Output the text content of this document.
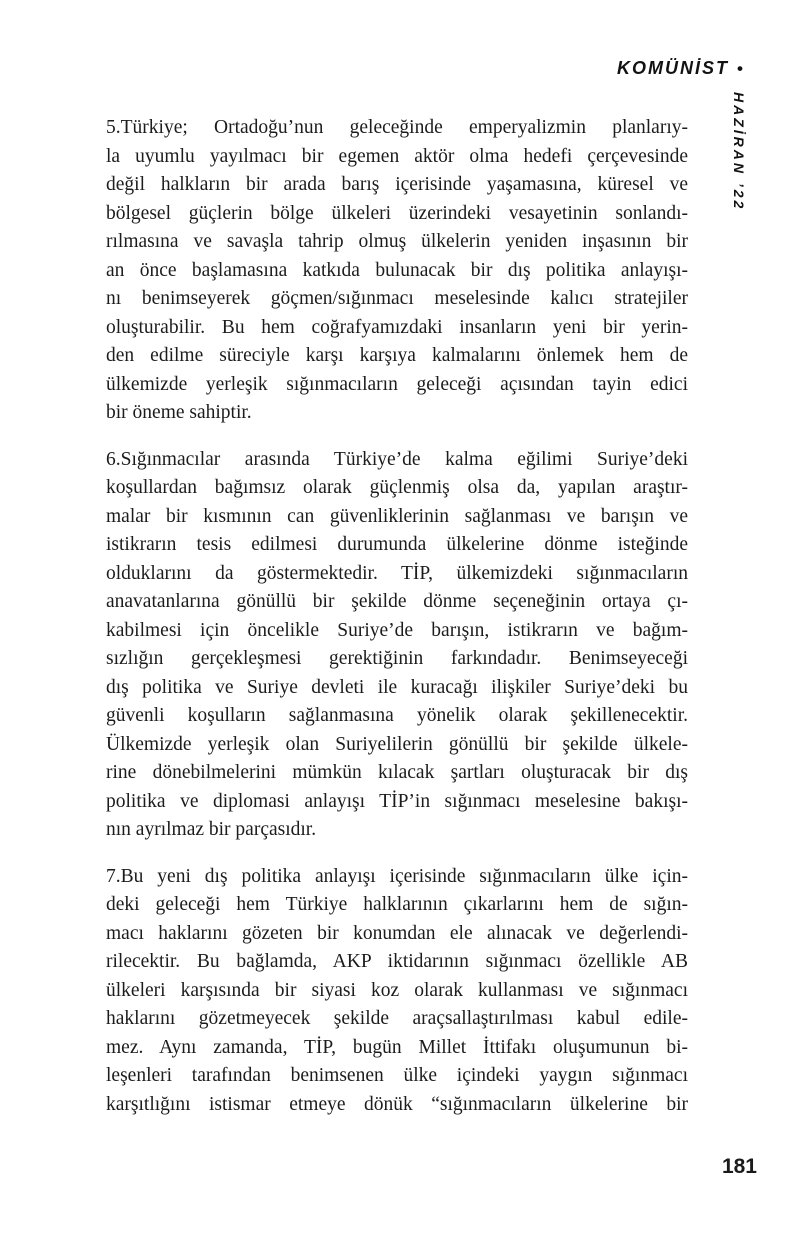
KOMÜNİST •
HAZİRAN ’22
5.Türkiye; Ortadoğu’nun geleceğinde emperyalizmin planlarıy-
la uyumlu yayılmacı bir egemen aktör olma hedefi çerçevesinde
değil halkların bir arada barış içerisinde yaşamasına, küresel ve
bölgesel güçlerin bölge ülkeleri üzerindeki vesayetinin sonlandı-
rılmasına ve savaşla tahrip olmuş ülkelerin yeniden inşasının bir
an önce başlamasına katkıda bulunacak bir dış politika anlayışı-
nı benimseyerek göçmen/sığınmacı meselesinde kalıcı stratejiler
oluşturabilir. Bu hem coğrafyamızdaki insanların yeni bir yerin-
den edilme süreciyle karşı karşıya kalmalarını önlemek hem de
ülkemizde yerleşik sığınmacıların geleceği açısından tayin edici
bir öneme sahiptir.
6.Sığınmacılar arasında Türkiye’de kalma eğilimi Suriye’deki
koşullardan bağımsız olarak güçlenmiş olsa da, yapılan araştır-
malar bir kısmının can güvenliklerinin sağlanması ve barışın ve
istikrarın tesis edilmesi durumunda ülkelerine dönme isteğinde
olduklarını da göstermektedir. TİP, ülkemizdeki sığınmacıların
anavatanlarına gönüllü bir şekilde dönme seçeneğinin ortaya çı-
kabilmesi için öncelikle Suriye’de barışın, istikrarın ve bağım-
sızlığın gerçekleşmesi gerektiğinin farkındadır. Benimseyeceği
dış politika ve Suriye devleti ile kuracağı ilişkiler Suriye’deki bu
güvenli koşulların sağlanmasına yönelik olarak şekillenecektir.
Ülkemizde yerleşik olan Suriyelilerin gönüllü bir şekilde ülkele-
rine dönebilmelerini mümkün kılacak şartları oluşturacak bir dış
politika ve diplomasi anlayışı TİP’in sığınmacı meselesine bakışı-
nın ayrılmaz bir parçasıdır.
7.Bu yeni dış politika anlayışı içerisinde sığınmacıların ülke için-
deki geleceği hem Türkiye halklarının çıkarlarını hem de sığın-
macı haklarını gözeten bir konumdan ele alınacak ve değerlendi-
rilecektir. Bu bağlamda, AKP iktidarının sığınmacı özellikle AB
ülkeleri karşısında bir siyasi koz olarak kullanması ve sığınmacı
haklarını gözetmeyecek şekilde araçsallaştırılması kabul edile-
mez. Aynı zamanda, TİP, bugün Millet İttifakı oluşumunun bi-
leşenleri tarafından benimsenen ülke içindeki yaygın sığınmacı
karşıtlığını istismar etmeye dönük “sığınmacıların ülkelerine bir
181
